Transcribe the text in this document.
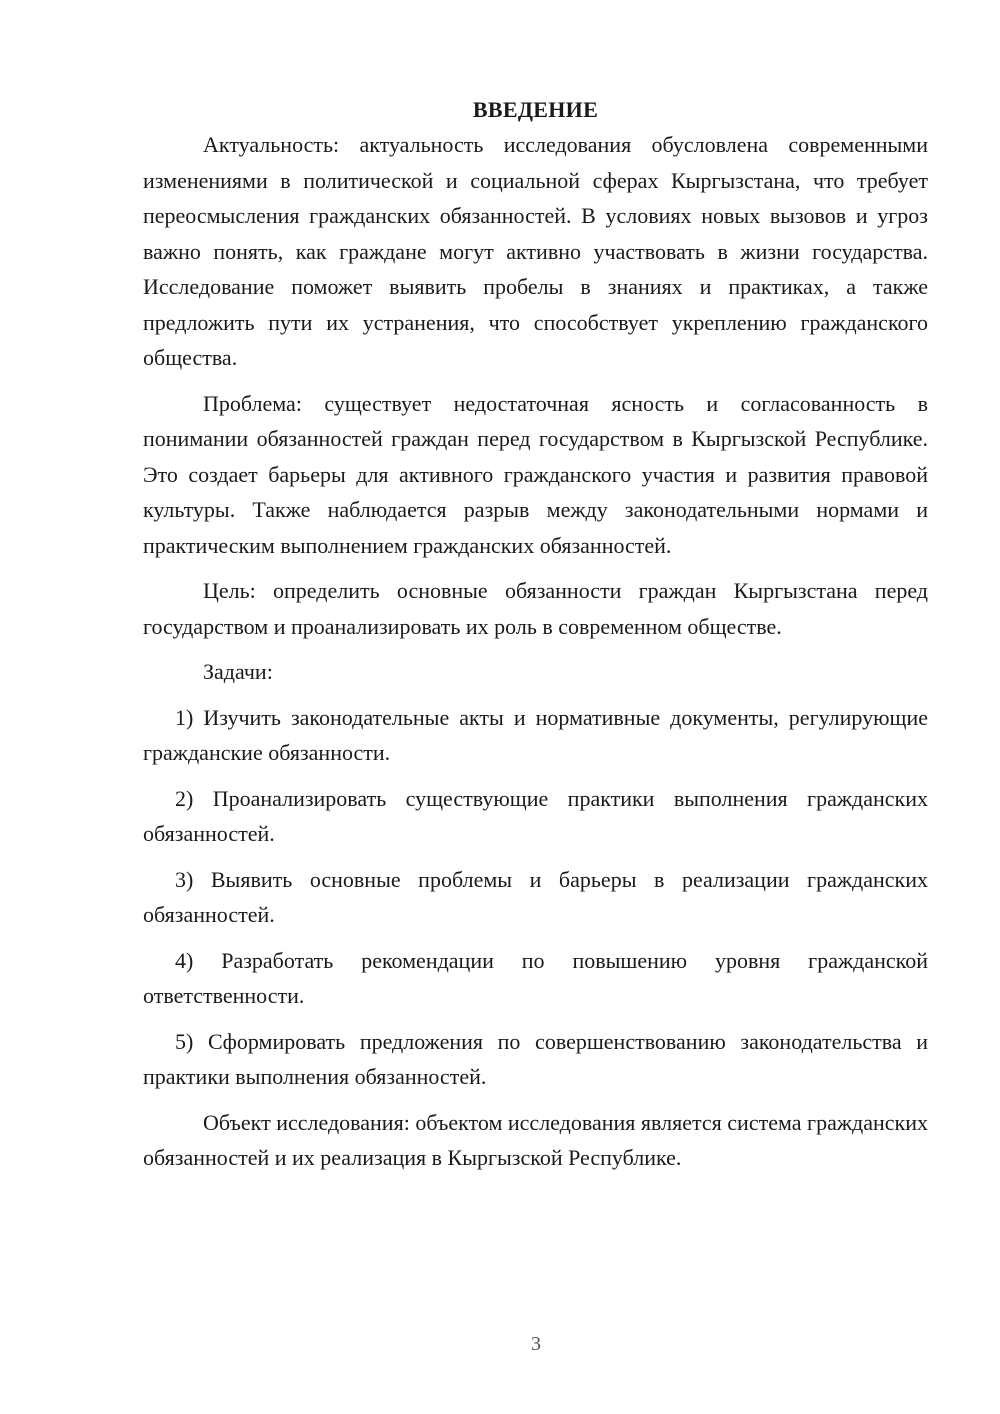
ВВЕДЕНИЕ

Актуальность: актуальность исследования обусловлена современными изменениями в политической и социальной сферах Кыргызстана, что требует переосмысления гражданских обязанностей. В условиях новых вызовов и угроз важно понять, как граждане могут активно участвовать в жизни государства. Исследование поможет выявить пробелы в знаниях и практиках, а также предложить пути их устранения, что способствует укреплению гражданского общества.

Проблема: существует недостаточная ясность и согласованность в понимании обязанностей граждан перед государством в Кыргызской Республике. Это создает барьеры для активного гражданского участия и развития правовой культуры. Также наблюдается разрыв между законодательными нормами и практическим выполнением гражданских обязанностей.

Цель: определить основные обязанности граждан Кыргызстана перед государством и проанализировать их роль в современном обществе.

Задачи:

1) Изучить законодательные акты и нормативные документы, регулирующие гражданские обязанности.

2) Проанализировать существующие практики выполнения гражданских обязанностей.

3) Выявить основные проблемы и барьеры в реализации гражданских обязанностей.

4) Разработать рекомендации по повышению уровня гражданской ответственности.

5) Сформировать предложения по совершенствованию законодательства и практики выполнения обязанностей.

Объект исследования: объектом исследования является система гражданских обязанностей и их реализация в Кыргызской Республике.

3
